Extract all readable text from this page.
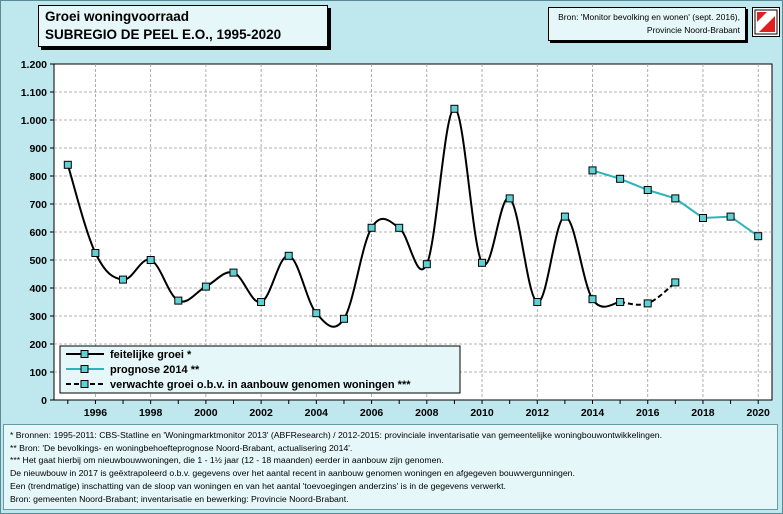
0
100
200
300
400
500
600
700
800
900
1.000
1.100
1.200
1996	1998	2000	2002	2004	2006	2008	2010	2012	2014	2016	2018	2020
feitelijke groei *
prognose 2014 **
verwachte groei o.b.v. in aanbouw genomen woningen ***
Groei woningvoorraad
SUBREGIO DE PEEL E.O., 1995-2020
Bron: 'Monitor bevolking en wonen' (sept. 2016),
Provincie Noord-Brabant
* Bronnen: 1995-2011: CBS-Statline en 'Woningmarktmonitor 2013' (ABFResearch) / 2012-2015: provinciale inventarisatie van gemeentelijke woningbouwontwikkelingen.
** Bron: 'De bevolkings- en woningbehoefteprognose Noord-Brabant, actualisering 2014'.
*** Het gaat hierbij om nieuwbouwwoningen, die 1 - 1½ jaar (12 - 18 maanden) eerder in aanbouw zijn genomen.
De nieuwbouw in 2017 is geëxtrapoleerd o.b.v. gegevens over het aantal recent in aanbouw genomen woningen en afgegeven bouwvergunningen.
Een (trendmatige) inschatting van de sloop van woningen en van het aantal 'toevoegingen anderzins' is in de gegevens verwerkt.
Bron: gemeenten Noord-Brabant; inventarisatie en bewerking: Provincie Noord-Brabant.
